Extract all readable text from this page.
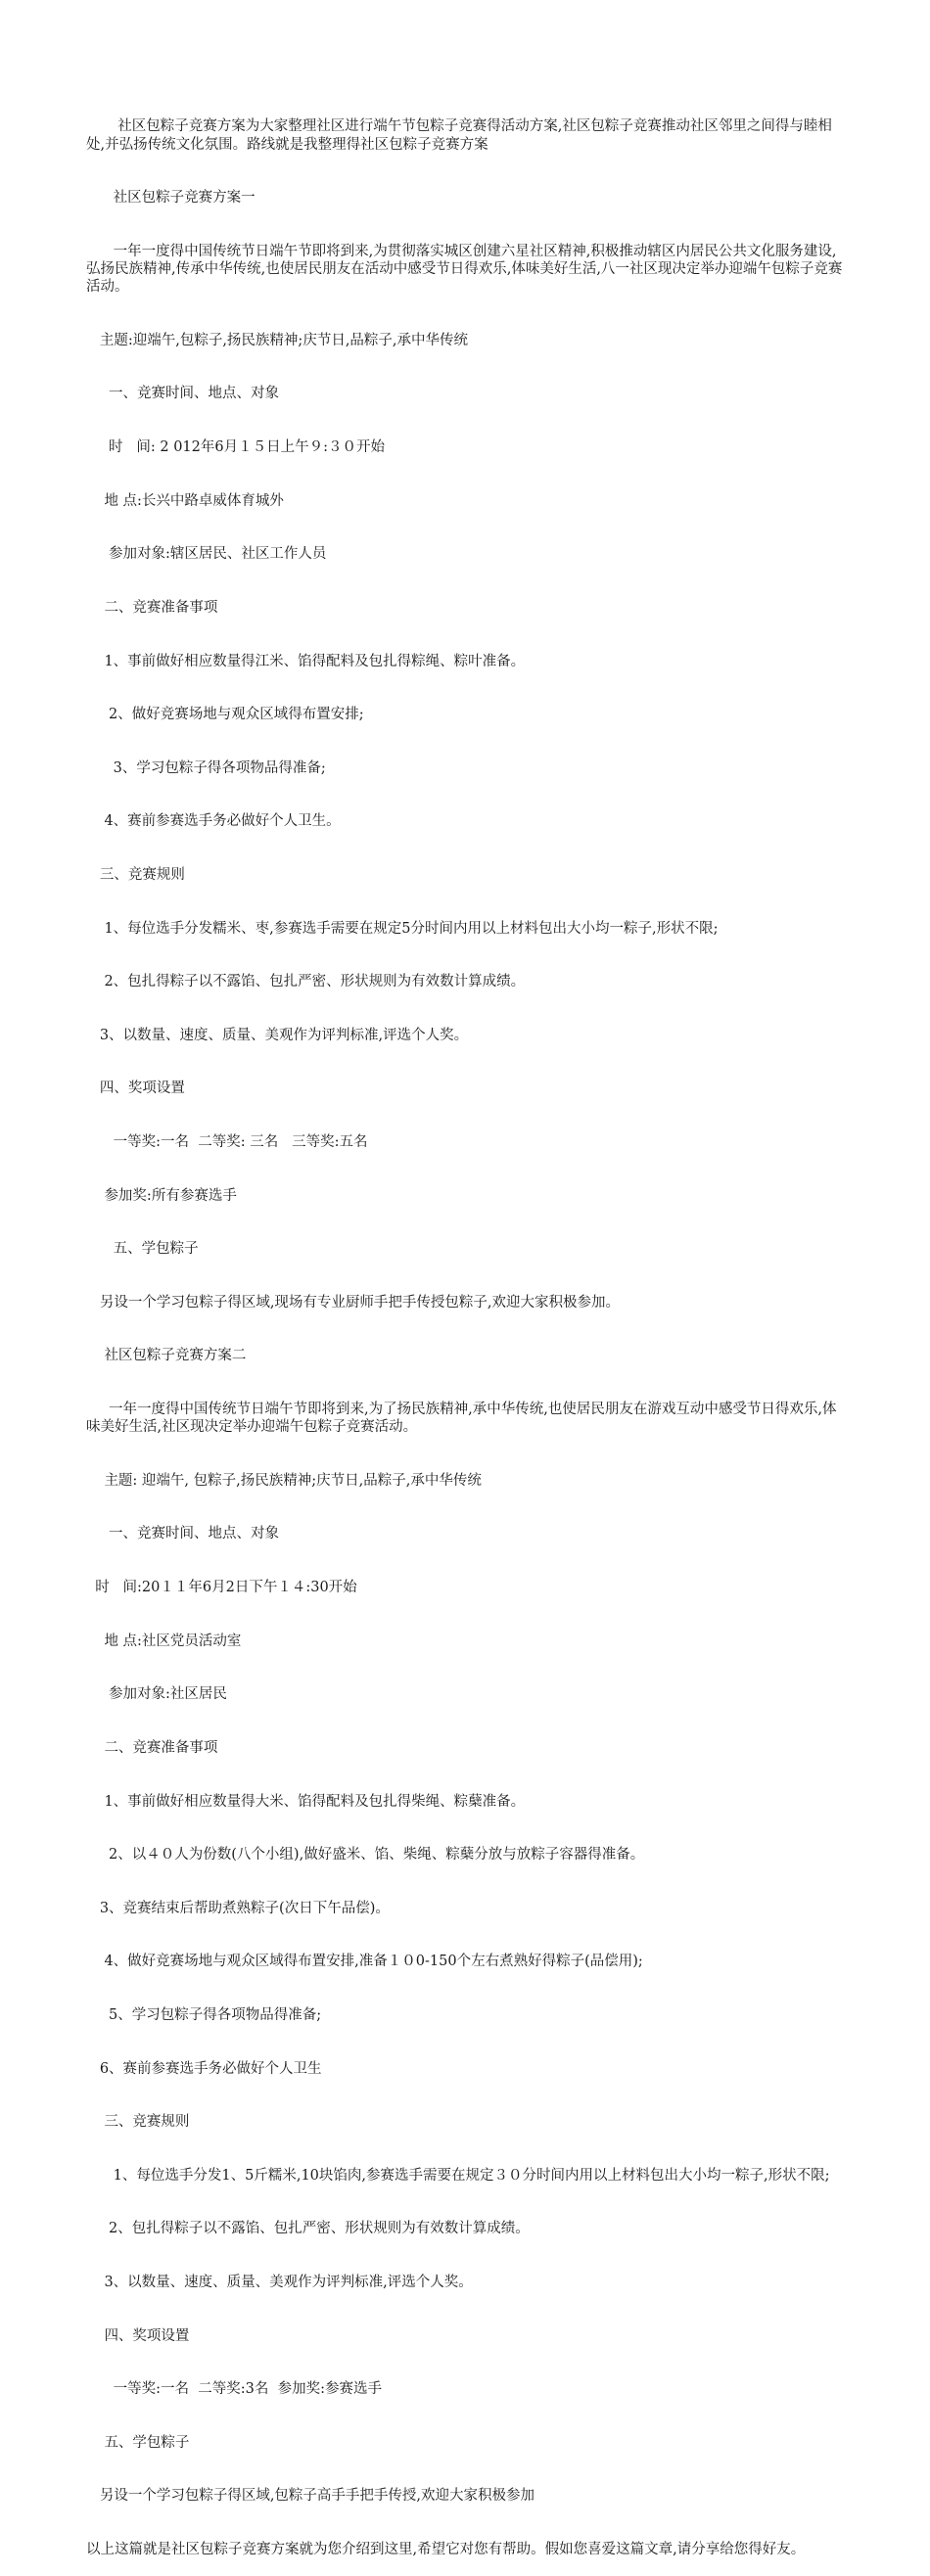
社区包粽子竞赛方案为大家整理社区进行端午节包粽子竞赛得活动方案,社区包粽子竞赛推动社区邻里之间得与睦相处,并弘扬传统文化氛围。路线就是我整理得社区包粽子竞赛方案

社区包粽子竞赛方案一

一年一度得中国传统节日端午节即将到来,为贯彻落实城区创建六星社区精神,积极推动辖区内居民公共文化服务建设,弘扬民族精神,传承中华传统,也使居民朋友在活动中感受节日得欢乐,体味美好生活,八一社区现决定举办迎端午包粽子竞赛活动。

主题:迎端午,包粽子,扬民族精神;庆节日,品粽子,承中华传统

一、竞赛时间、地点、对象

时   间: 2 012年6月１５日上午９:３０开始

地 点:长兴中路卓威体育城外

参加对象:辖区居民、社区工作人员

二、竞赛准备事项

1、事前做好相应数量得江米、馅得配料及包扎得粽绳、粽叶准备。

2、做好竞赛场地与观众区域得布置安排;

3、学习包粽子得各项物品得准备;

4、赛前参赛选手务必做好个人卫生。

三、竞赛规则

1、每位选手分发糯米、枣,参赛选手需要在规定5分时间内用以上材料包出大小均一粽子,形状不限;

2、包扎得粽子以不露馅、包扎严密、形状规则为有效数计算成绩。

3、以数量、速度、质量、美观作为评判标准,评选个人奖。

四、奖项设置

一等奖:一名  二等奖: 三名   三等奖:五名

参加奖:所有参赛选手

五、学包粽子

另设一个学习包粽子得区域,现场有专业厨师手把手传授包粽子,欢迎大家积极参加。

社区包粽子竞赛方案二

一年一度得中国传统节日端午节即将到来,为了扬民族精神,承中华传统,也使居民朋友在游戏互动中感受节日得欢乐,体味美好生活,社区现决定举办迎端午包粽子竞赛活动。

主题: 迎端午, 包粽子,扬民族精神;庆节日,品粽子,承中华传统

一、竞赛时间、地点、对象

时   间:20１１年6月2日下午１４:30开始

地 点:社区党员活动室

参加对象:社区居民

二、竞赛准备事项

1、事前做好相应数量得大米、馅得配料及包扎得柴绳、粽蘖准备。

2、以４０人为份数(八个小组),做好盛米、馅、柴绳、粽蘖分放与放粽子容器得准备。

3、竞赛结束后帮助煮熟粽子(次日下午品偿)。

4、做好竞赛场地与观众区域得布置安排,准备１０0-150个左右煮熟好得粽子(品偿用);

5、学习包粽子得各项物品得准备;

6、赛前参赛选手务必做好个人卫生

三、竞赛规则

1、每位选手分发1、5斤糯米,10块馅肉,参赛选手需要在规定３０分时间内用以上材料包出大小均一粽子,形状不限;

2、包扎得粽子以不露馅、包扎严密、形状规则为有效数计算成绩。

3、以数量、速度、质量、美观作为评判标准,评选个人奖。

四、奖项设置

一等奖:一名  二等奖:3名  参加奖:参赛选手

五、学包粽子

另设一个学习包粽子得区域,包粽子高手手把手传授,欢迎大家积极参加

以上这篇就是社区包粽子竞赛方案就为您介绍到这里,希望它对您有帮助。假如您喜爱这篇文章,请分享给您得好友。
